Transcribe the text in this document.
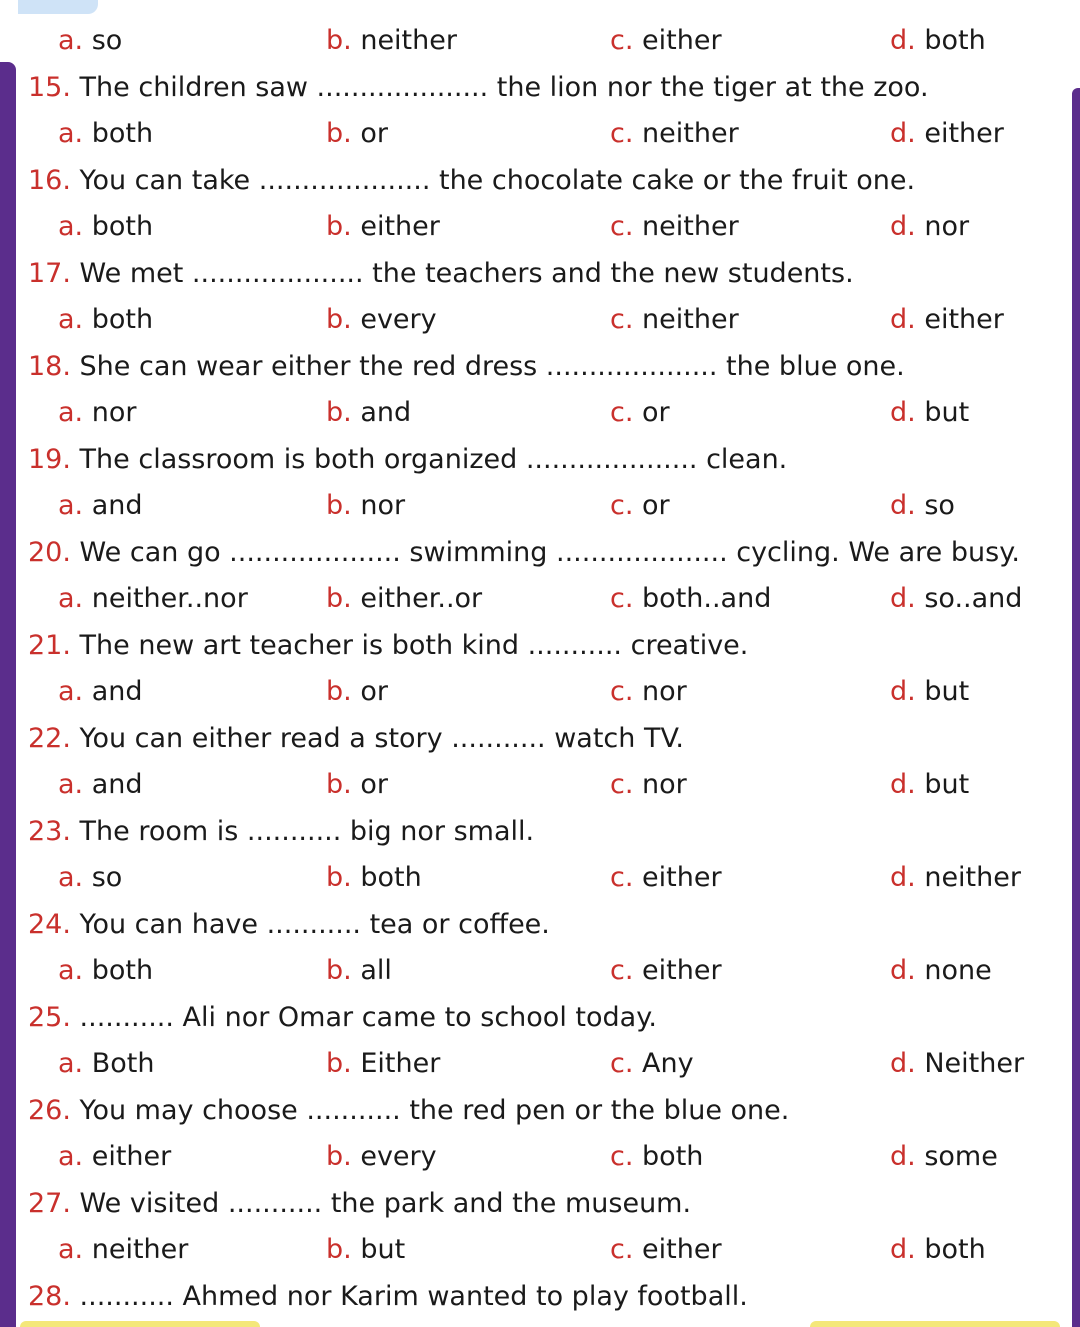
a. so	b. neither	c. either	d. both
15. The children saw .................... the lion nor the tiger at the zoo.
a. both	b. or	c. neither	d. either
16. You can take .................... the chocolate cake or the fruit one.
a. both	b. either	c. neither	d. nor
17. We met .................... the teachers and the new students.
a. both	b. every	c. neither	d. either
18. She can wear either the red dress .................... the blue one.
a. nor	b. and	c. or	d. but
19. The classroom is both organized .................... clean.
a. and	b. nor	c. or	d. so
20. We can go .................... swimming .................... cycling. We are busy.
a. neither..nor	b. either..or	c. both..and	d. so..and
21. The new art teacher is both kind ........... creative.
a. and	b. or	c. nor	d. but
22. You can either read a story ........... watch TV.
a. and	b. or	c. nor	d. but
23. The room is ........... big nor small.
a. so	b. both	c. either	d. neither
24. You can have ........... tea or coffee.
a. both	b. all	c. either	d. none
25. ........... Ali nor Omar came to school today.
a. Both	b. Either	c. Any	d. Neither
26. You may choose ........... the red pen or the blue one.
a. either	b. every	c. both	d. some
27. We visited ........... the park and the museum.
a. neither	b. but	c. either	d. both
28. ........... Ahmed nor Karim wanted to play football.
